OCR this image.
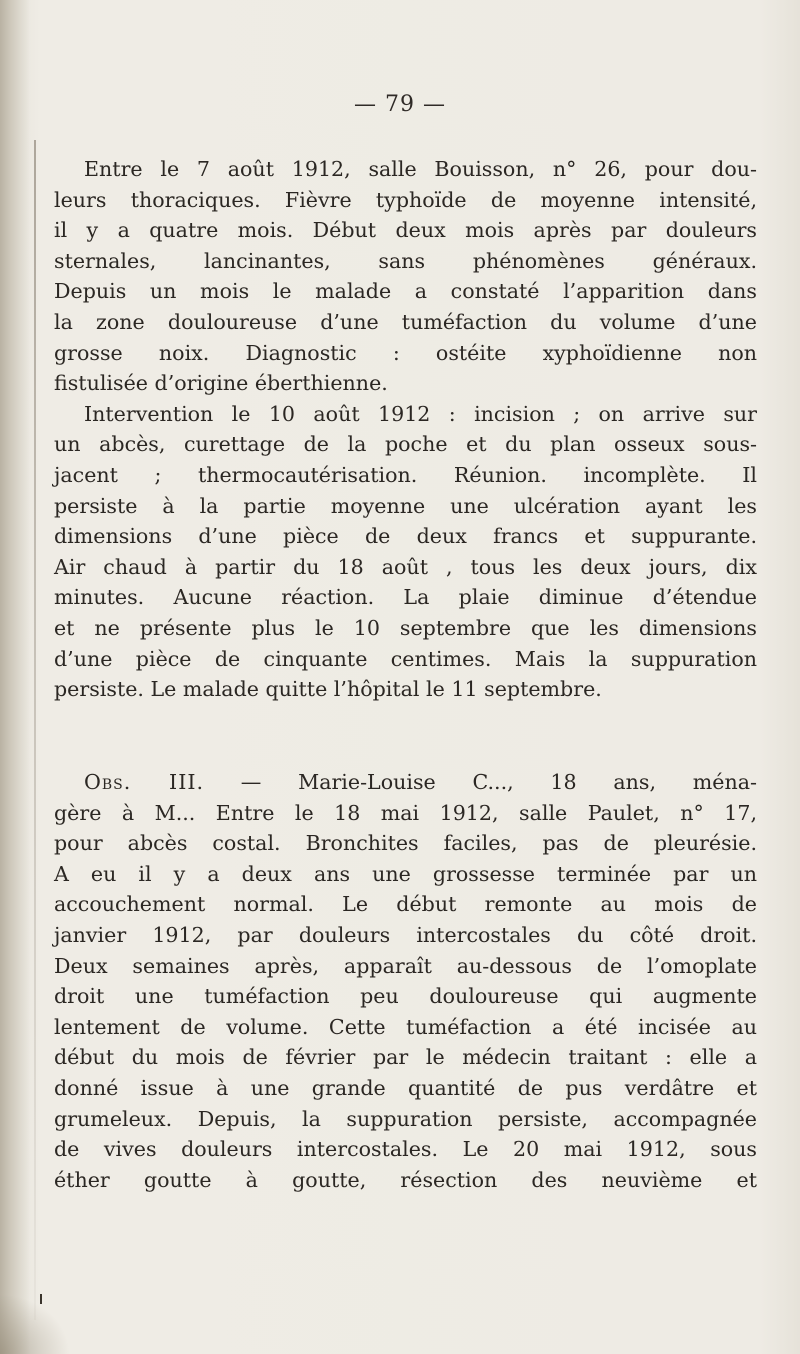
— 79 —
Entre le 7 août 1912, salle Bouisson, n° 26, pour dou-
leurs thoraciques. Fièvre typhoïde de moyenne intensité,
il y a quatre mois. Début deux mois après par douleurs
sternales, lancinantes, sans phénomènes généraux.
Depuis un mois le malade a constaté l’apparition dans
la zone douloureuse d’une tuméfaction du volume d’une
grosse noix. Diagnostic : ostéite xyphoïdienne non
fistulisée d’origine éberthienne.
Intervention le 10 août 1912 : incision ; on arrive sur
un abcès, curettage de la poche et du plan osseux sous-
jacent ; thermocautérisation. Réunion. incomplète. Il
persiste à la partie moyenne une ulcération ayant les
dimensions d’une pièce de deux francs et suppurante.
Air chaud à partir du 18 août , tous les deux jours, dix
minutes. Aucune réaction. La plaie diminue d’étendue
et ne présente plus le 10 septembre que les dimensions
d’une pièce de cinquante centimes. Mais la suppuration
persiste. Le malade quitte l’hôpital le 11 septembre.
Obs. III. — Marie-Louise C..., 18 ans, ména-
gère à M... Entre le 18 mai 1912, salle Paulet, n° 17,
pour abcès costal. Bronchites faciles, pas de pleurésie.
A eu il y a deux ans une grossesse terminée par un
accouchement normal. Le début remonte au mois de
janvier 1912, par douleurs intercostales du côté droit.
Deux semaines après, apparaît au-dessous de l’omoplate
droit une tuméfaction peu douloureuse qui augmente
lentement de volume. Cette tuméfaction a été incisée au
début du mois de février par le médecin traitant : elle a
donné issue à une grande quantité de pus verdâtre et
grumeleux. Depuis, la suppuration persiste, accompagnée
de vives douleurs intercostales. Le 20 mai 1912, sous
éther goutte à goutte, résection des neuvième et
